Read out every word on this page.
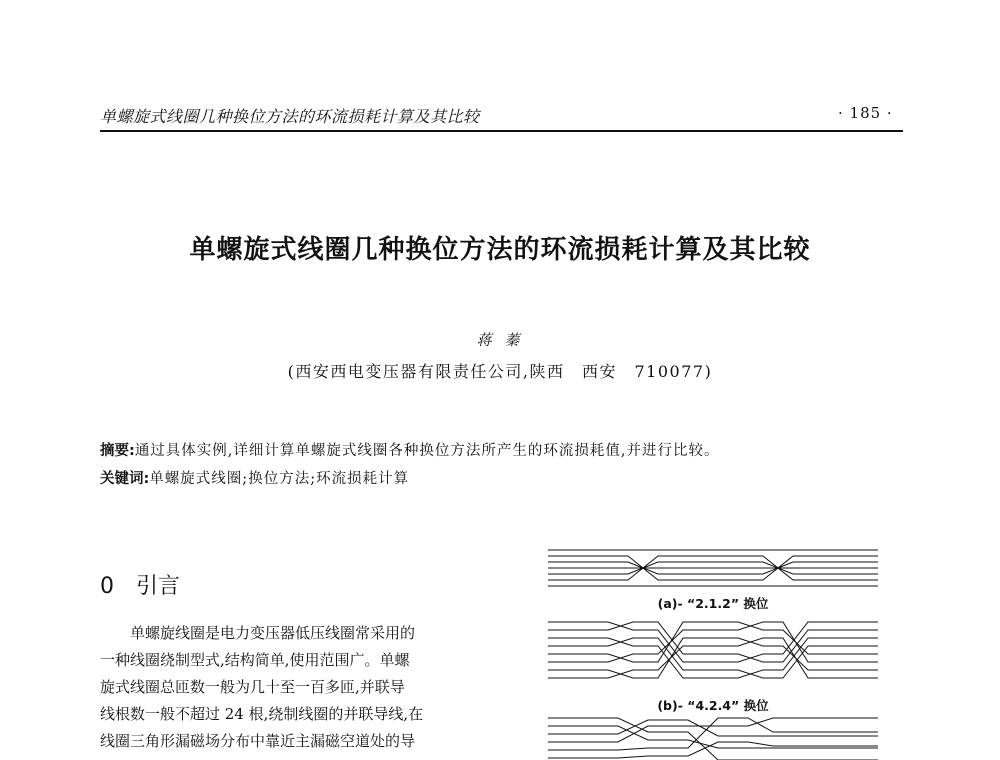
单螺旋式线圈几种换位方法的环流损耗计算及其比较	· 185 ·
单螺旋式线圈几种换位方法的环流损耗计算及其比较
蒋 蓁
(西安西电变压器有限责任公司,陕西　西安　710077)
摘要:通过具体实例,详细计算单螺旋式线圈各种换位方法所产生的环流损耗值,并进行比较。
关键词:单螺旋式线圈;换位方法;环流损耗计算
0 引言
　　单螺旋线圈是电力变压器低压线圈常采用的
一种线圈绕制型式,结构简单,使用范围广。单螺
旋式线圈总匝数一般为几十至一百多匝,并联导
线根数一般不超过 24 根,绕制线圈的并联导线,在
线圈三角形漏磁场分布中靠近主漏磁空道处的导
(a)- “2.1.2” 换位
(b)- “4.2.4” 换位
